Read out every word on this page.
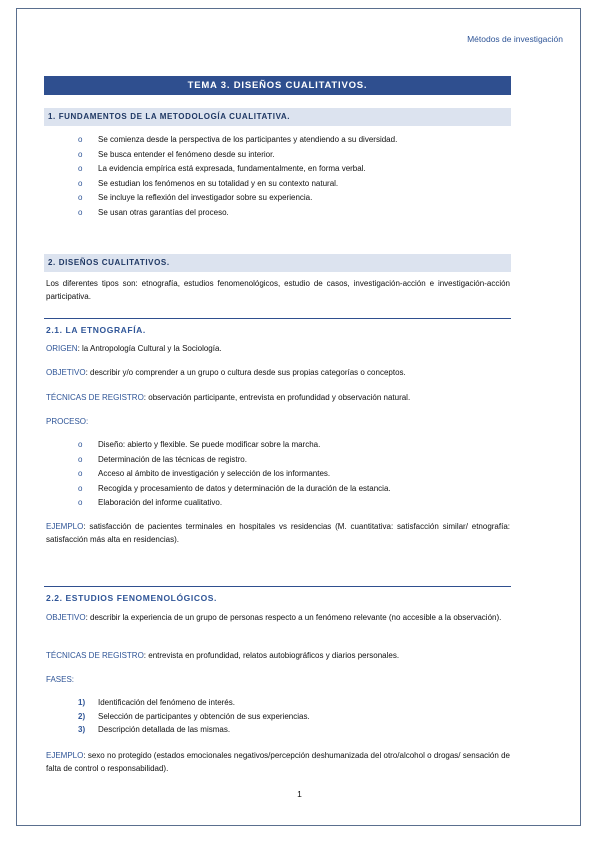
Métodos de investigación
TEMA 3. DISEÑOS CUALITATIVOS.
1. FUNDAMENTOS DE LA METODOLOGÍA CUALITATIVA.
o Se comienza desde la perspectiva de los participantes y atendiendo a su diversidad.
o Se busca entender el fenómeno desde su interior.
o La evidencia empírica está expresada, fundamentalmente, en forma verbal.
o Se estudian los fenómenos en su totalidad y en su contexto natural.
o Se incluye la reflexión del investigador sobre su experiencia.
o Se usan otras garantías del proceso.
2. DISEÑOS CUALITATIVOS.
Los diferentes tipos son: etnografía, estudios fenomenológicos, estudio de casos, investigación-acción e investigación-acción participativa.
2.1. LA ETNOGRAFÍA.
ORIGEN: la Antropología Cultural y la Sociología.
OBJETIVO: describir y/o comprender a un grupo o cultura desde sus propias categorías o conceptos.
TÉCNICAS DE REGISTRO: observación participante, entrevista en profundidad y observación natural.
PROCESO:
o Diseño: abierto y flexible. Se puede modificar sobre la marcha.
o Determinación de las técnicas de registro.
o Acceso al ámbito de investigación y selección de los informantes.
o Recogida y procesamiento de datos y determinación de la duración de la estancia.
o Elaboración del informe cualitativo.
EJEMPLO: satisfacción de pacientes terminales en hospitales vs residencias (M. cuantitativa: satisfacción similar/ etnografía: satisfacción más alta en residencias).
2.2. ESTUDIOS FENOMENOLÓGICOS.
OBJETIVO: describir la experiencia de un grupo de personas respecto a un fenómeno relevante (no accesible a la observación).
TÉCNICAS DE REGISTRO: entrevista en profundidad, relatos autobiográficos y diarios personales.
FASES:
1) Identificación del fenómeno de interés.
2) Selección de participantes y obtención de sus experiencias.
3) Descripción detallada de las mismas.
EJEMPLO: sexo no protegido (estados emocionales negativos/percepción deshumanizada del otro/alcohol o drogas/ sensación de falta de control o responsabilidad).
1
